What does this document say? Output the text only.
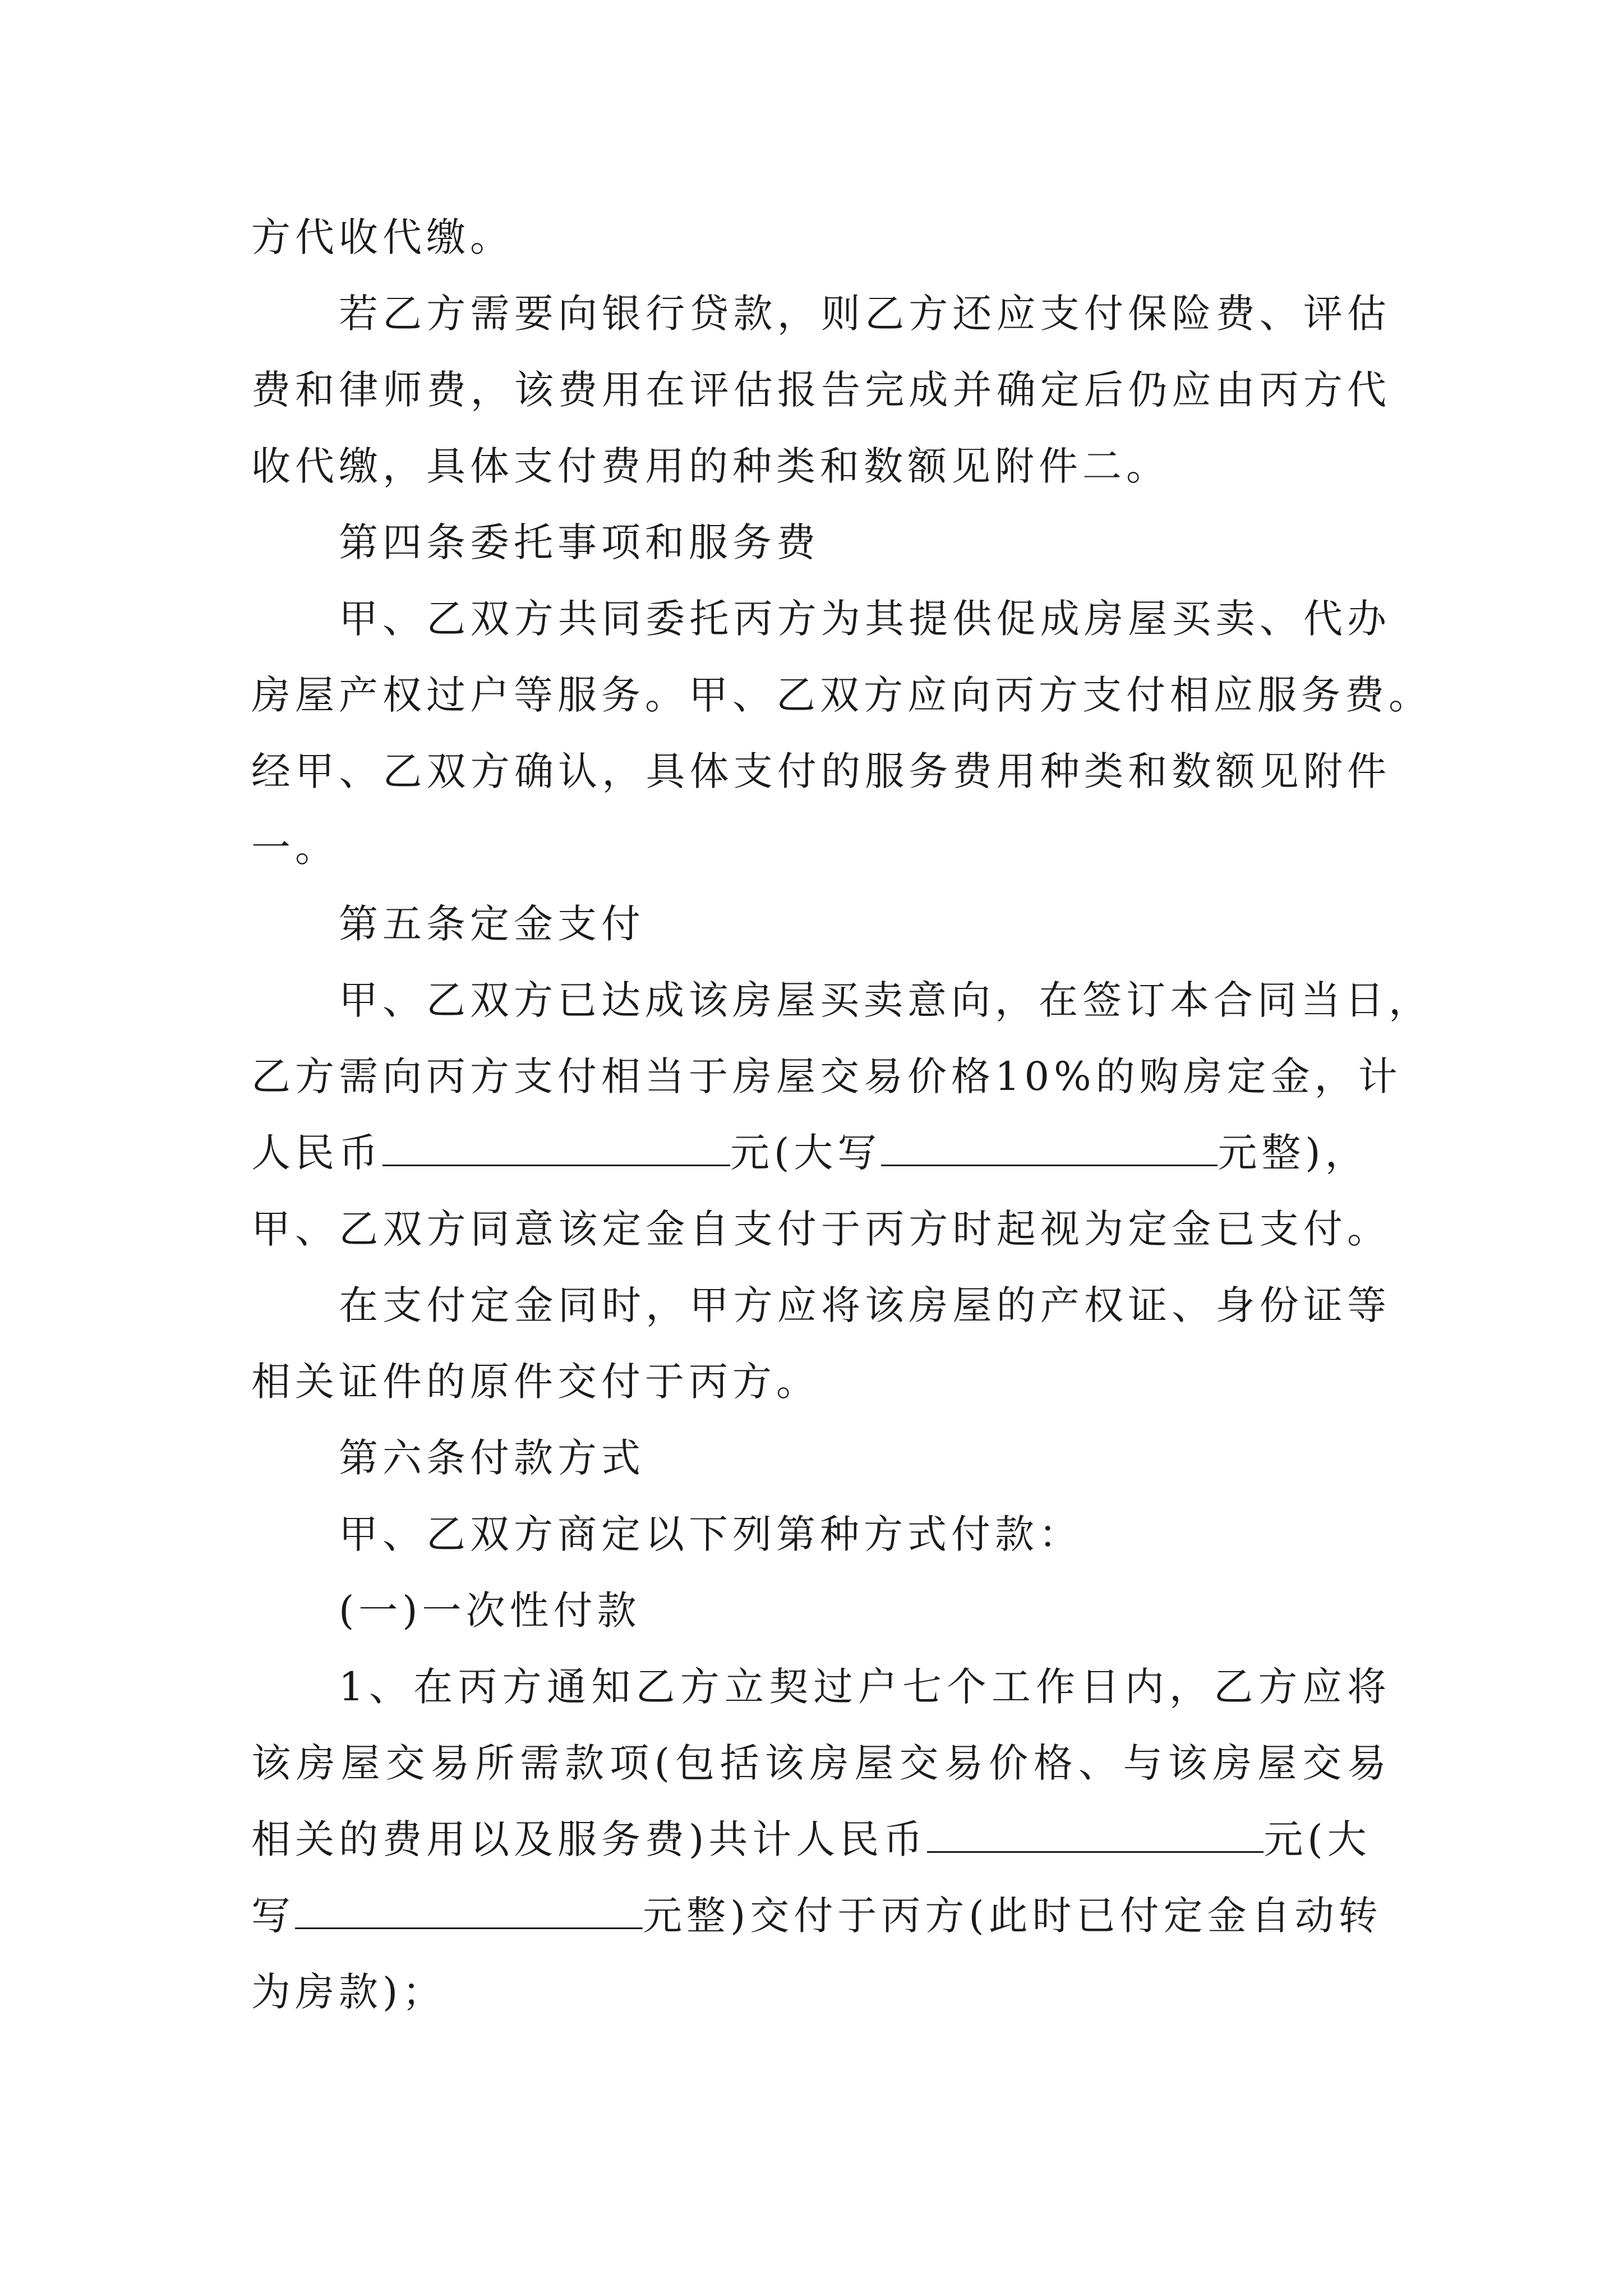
方代收代缴。
若乙方需要向银行贷款，则乙方还应支付保险费、评估
费和律师费，该费用在评估报告完成并确定后仍应由丙方代
收代缴，具体支付费用的种类和数额见附件二。
第四条委托事项和服务费
甲、乙双方共同委托丙方为其提供促成房屋买卖、代办
房屋产权过户等服务。甲、乙双方应向丙方支付相应服务费。
经甲、乙双方确认，具体支付的服务费用种类和数额见附件
一。
第五条定金支付
甲、乙双方已达成该房屋买卖意向，在签订本合同当日，
乙方需向丙方支付相当于房屋交易价格10%的购房定金，计
人民币	元(大写	元整)，
甲、乙双方同意该定金自支付于丙方时起视为定金已支付。
在支付定金同时，甲方应将该房屋的产权证、身份证等
相关证件的原件交付于丙方。
第六条付款方式
甲、乙双方商定以下列第种方式付款：
(一)一次性付款
1、在丙方通知乙方立契过户七个工作日内，乙方应将
该房屋交易所需款项(包括该房屋交易价格、与该房屋交易
相关的费用以及服务费)共计人民币	元(大
写	元整)交付于丙方(此时已付定金自动转
为房款)；
